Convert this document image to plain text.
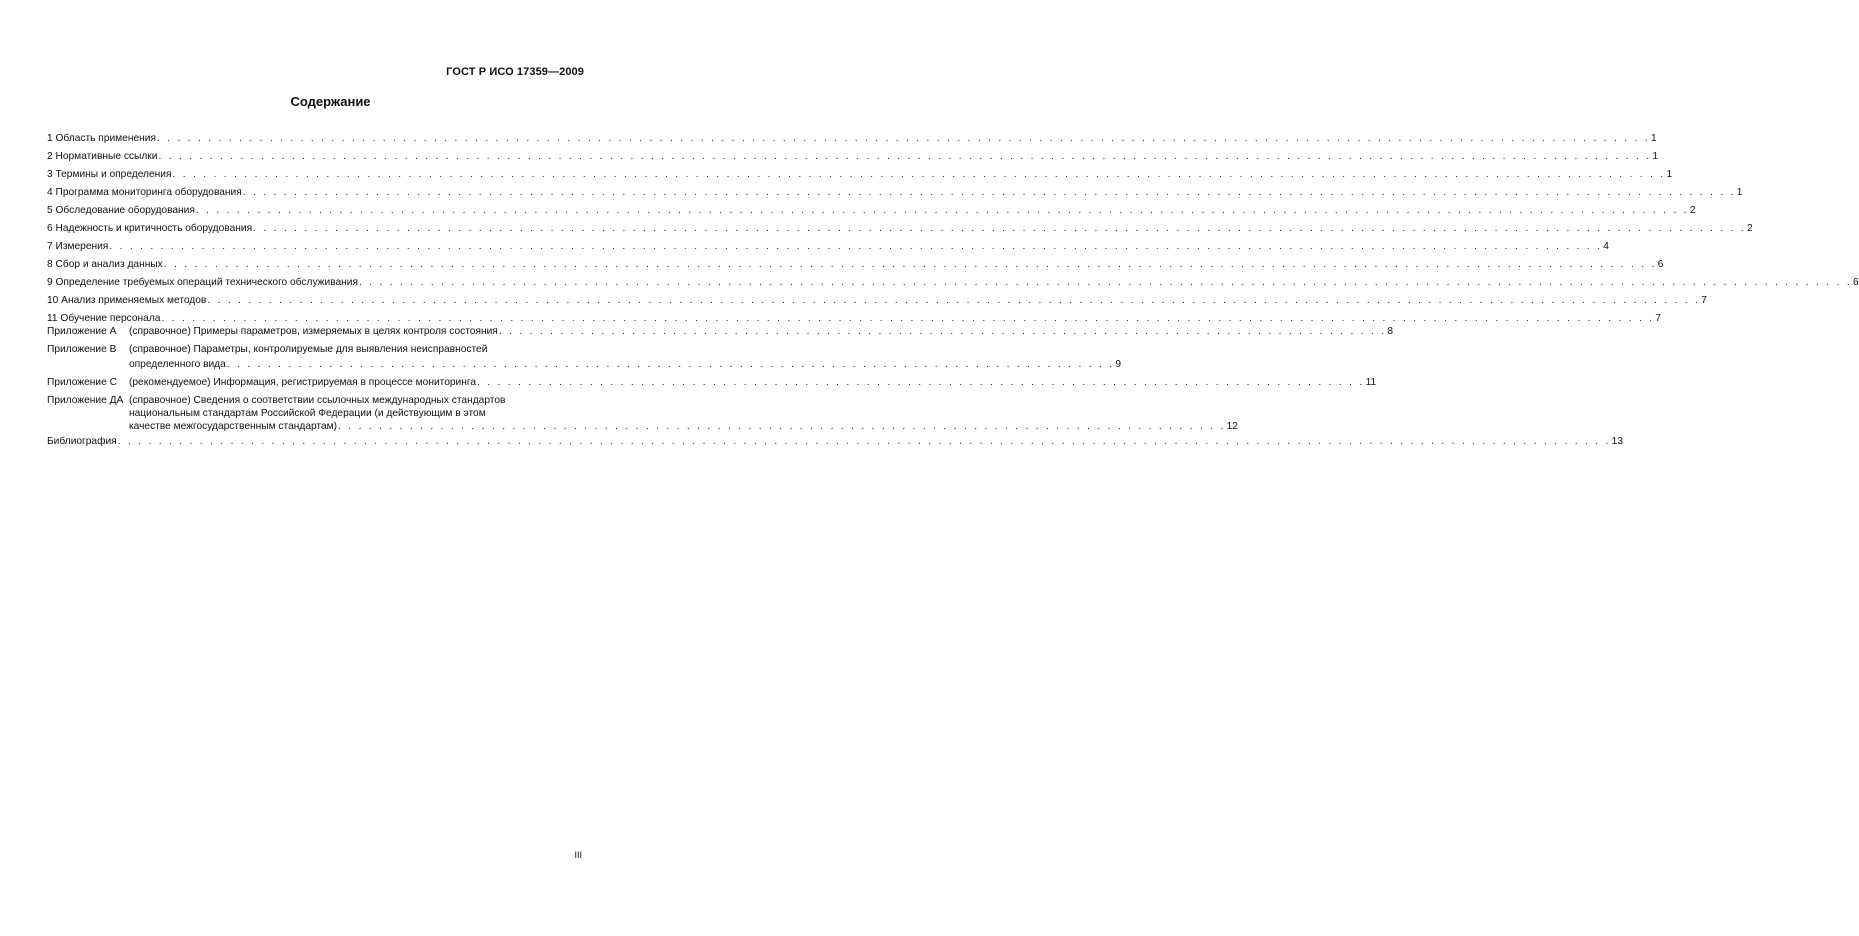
ГОСТ Р ИСО 17359—2009
Содержание
1 Область применения . . .	1
2 Нормативные ссылки . . .	1
3 Термины и определения . . .	1
4 Программа мониторинга оборудования . . .	1
5 Обследование оборудования . . .	2
6 Надежность и критичность оборудования . . .	2
7 Измерения . . .	4
8 Сбор и анализ данных . . .	6
9 Определение требуемых операций технического обслуживания . . .	6
10 Анализ применяемых методов . . .	7
11 Обучение персонала . . .	7
Приложение А	(справочное) Примеры параметров, измеряемых в целях контроля состояния . . .	8
Приложение В	(справочное) Параметры, контролируемые для выявления неисправностей
определенного вида . . .	9
Приложение С	(рекомендуемое) Информация, регистрируемая в процессе мониторинга . . .	11
Приложение ДА (справочное) Сведения о соответствии ссылочных международных стандартов
национальным стандартам Российской Федерации (и действующим в этом
качестве межгосударственным стандартам) . . .	12
Библиография . . .	13
III
